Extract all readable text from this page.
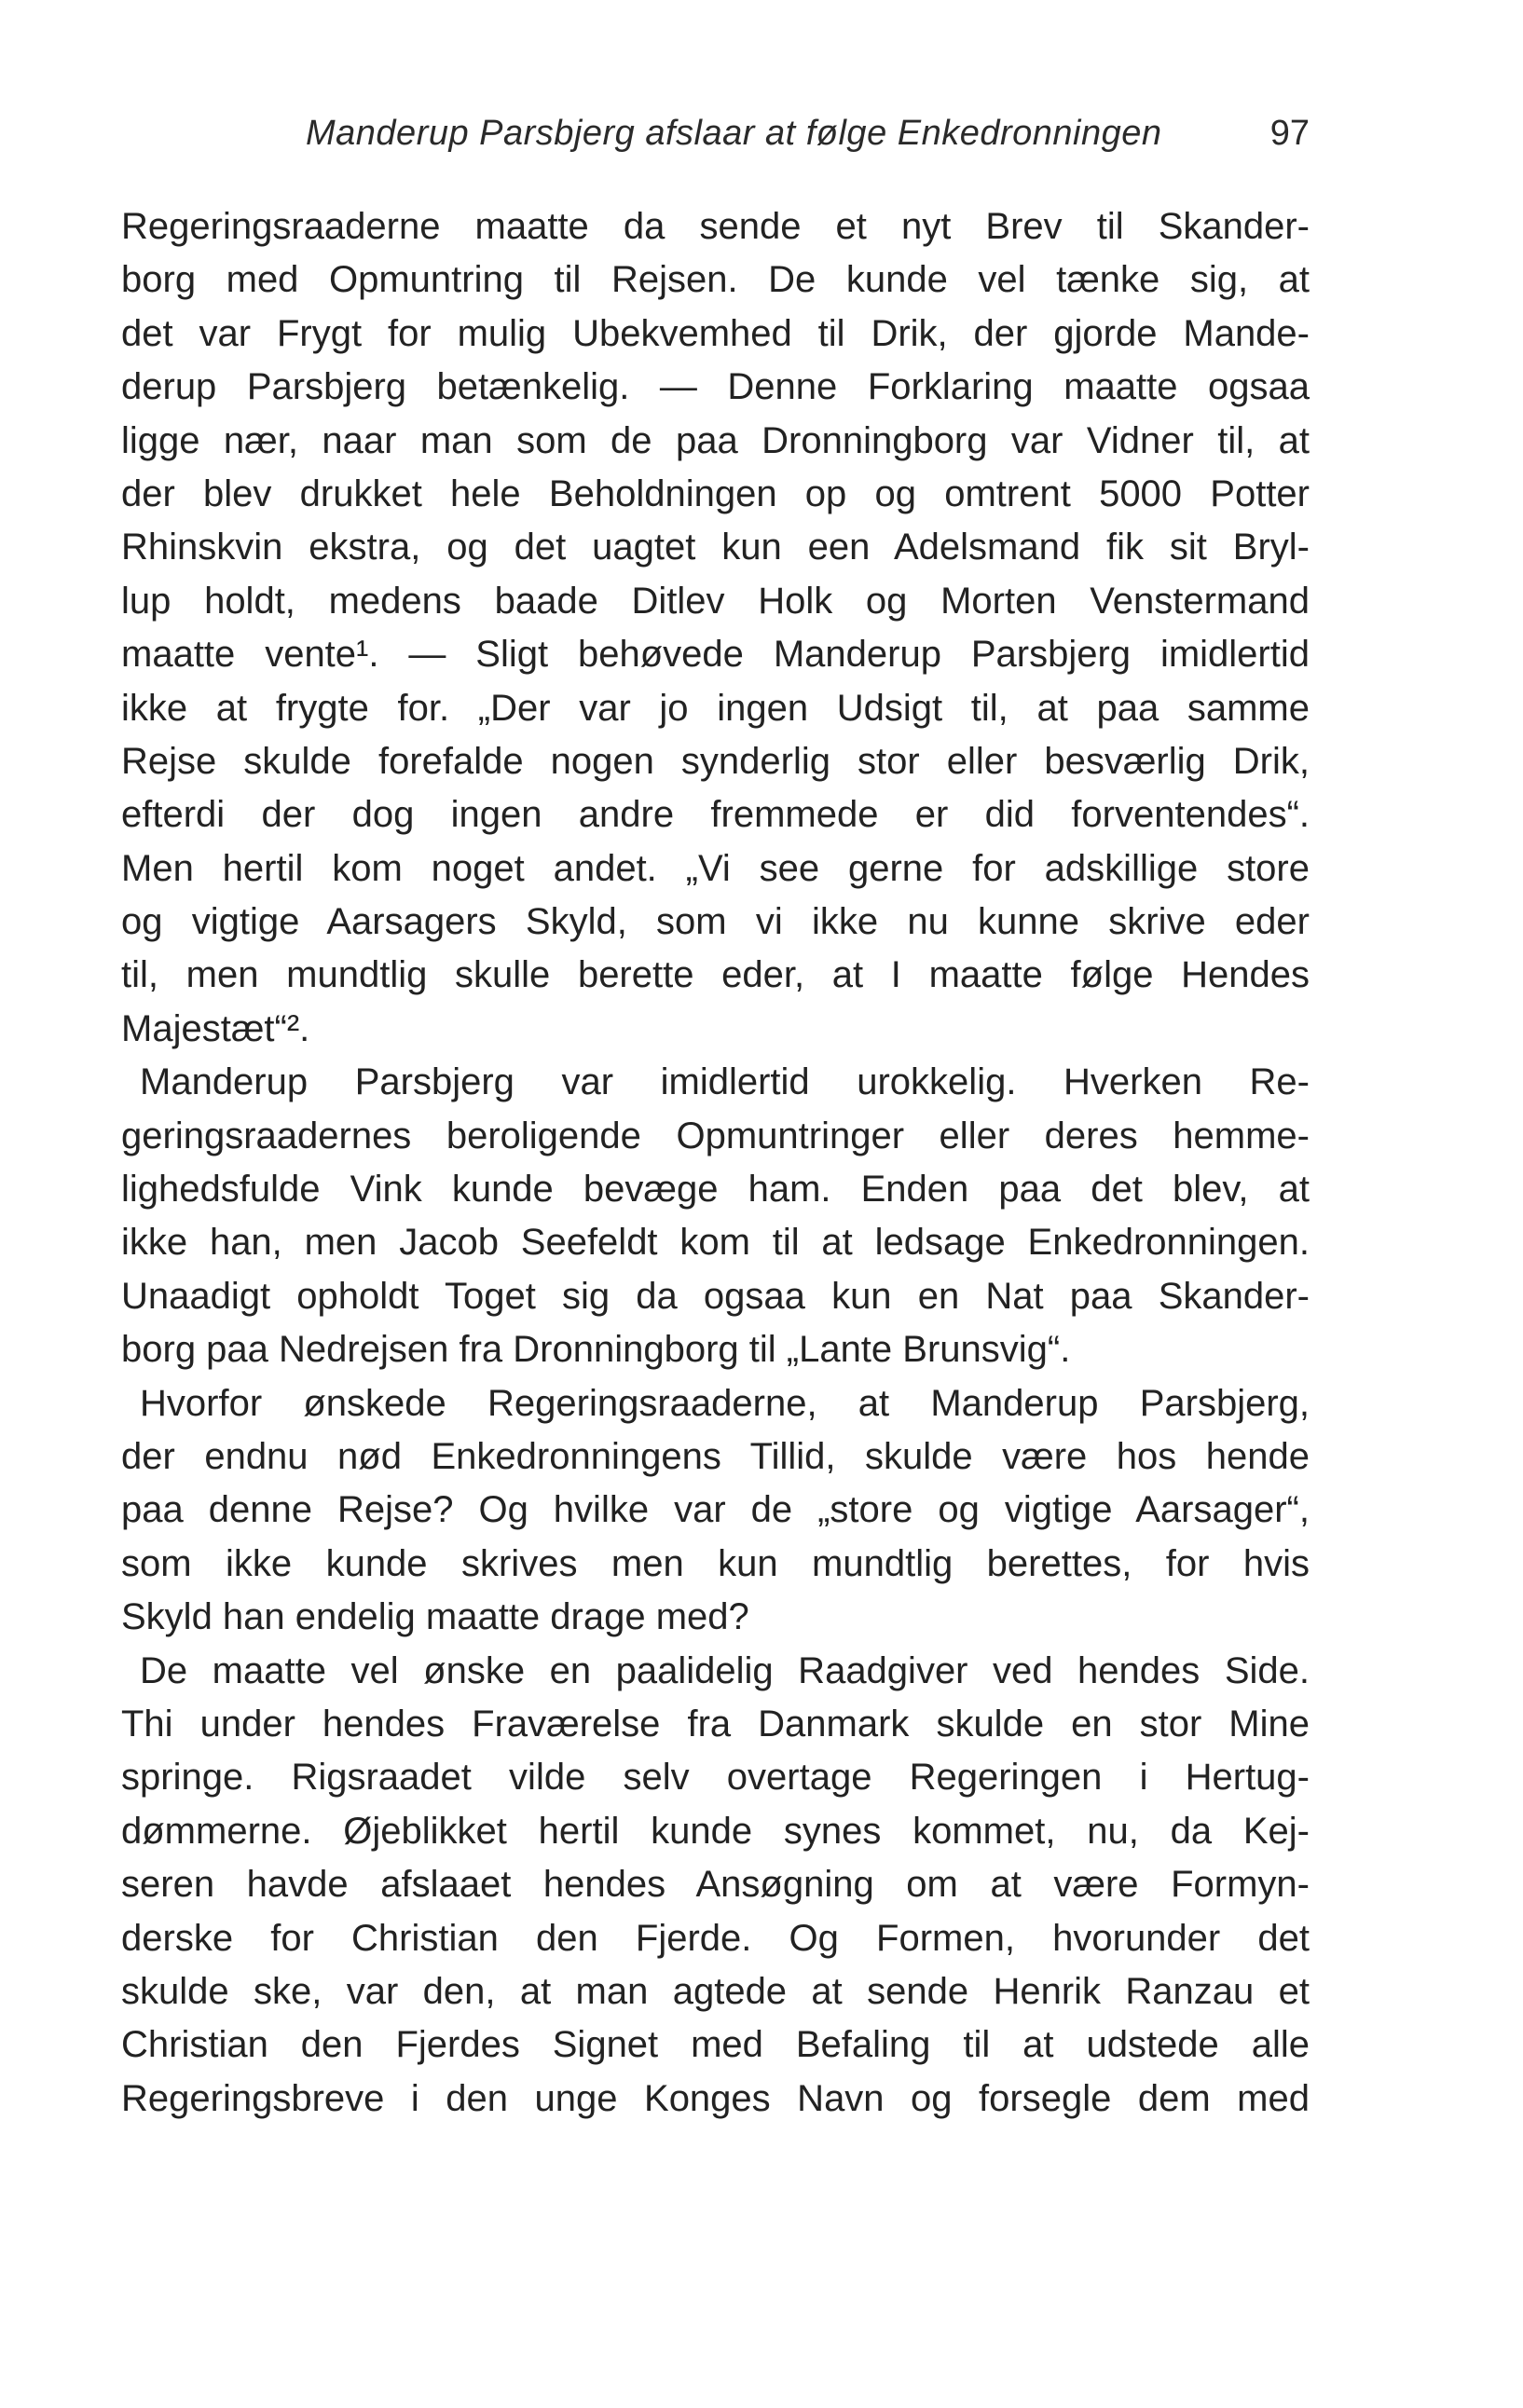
Manderup Parsbjerg afslaar at følge Enkedronningen	97
Regeringsraaderne maatte da sende et nyt Brev til Skander-
borg med Opmuntring til Rejsen. De kunde vel tænke sig, at
det var Frygt for mulig Ubekvemhed til Drik, der gjorde Mande-
derup Parsbjerg betænkelig. — Denne Forklaring maatte ogsaa
ligge nær, naar man som de paa Dronningborg var Vidner til, at
der blev drukket hele Beholdningen op og omtrent 5000 Potter
Rhinskvin ekstra, og det uagtet kun een Adelsmand fik sit Bryl-
lup holdt, medens baade Ditlev Holk og Morten Venstermand
maatte vente¹. — Sligt behøvede Manderup Parsbjerg imidlertid
ikke at frygte for. „Der var jo ingen Udsigt til, at paa samme
Rejse skulde forefalde nogen synderlig stor eller besværlig Drik,
efterdi der dog ingen andre fremmede er did forventendes“.
Men hertil kom noget andet. „Vi see gerne for adskillige store
og vigtige Aarsagers Skyld, som vi ikke nu kunne skrive eder
til, men mundtlig skulle berette eder, at I maatte følge Hendes
Majestæt“².
Manderup Parsbjerg var imidlertid urokkelig. Hverken Re-
geringsraadernes beroligende Opmuntringer eller deres hemme-
lighedsfulde Vink kunde bevæge ham. Enden paa det blev, at
ikke han, men Jacob Seefeldt kom til at ledsage Enkedronningen.
Unaadigt opholdt Toget sig da ogsaa kun en Nat paa Skander-
borg paa Nedrejsen fra Dronningborg til „Lante Brunsvig“.
Hvorfor ønskede Regeringsraaderne, at Manderup Parsbjerg,
der endnu nød Enkedronningens Tillid, skulde være hos hende
paa denne Rejse? Og hvilke var de „store og vigtige Aarsager“,
som ikke kunde skrives men kun mundtlig berettes, for hvis
Skyld han endelig maatte drage med?
De maatte vel ønske en paalidelig Raadgiver ved hendes Side.
Thi under hendes Fraværelse fra Danmark skulde en stor Mine
springe. Rigsraadet vilde selv overtage Regeringen i Hertug-
dømmerne. Øjeblikket hertil kunde synes kommet, nu, da Kej-
seren havde afslaaet hendes Ansøgning om at være Formyn-
derske for Christian den Fjerde. Og Formen, hvorunder det
skulde ske, var den, at man agtede at sende Henrik Ranzau et
Christian den Fjerdes Signet med Befaling til at udstede alle
Regeringsbreve i den unge Konges Navn og forsegle dem med
